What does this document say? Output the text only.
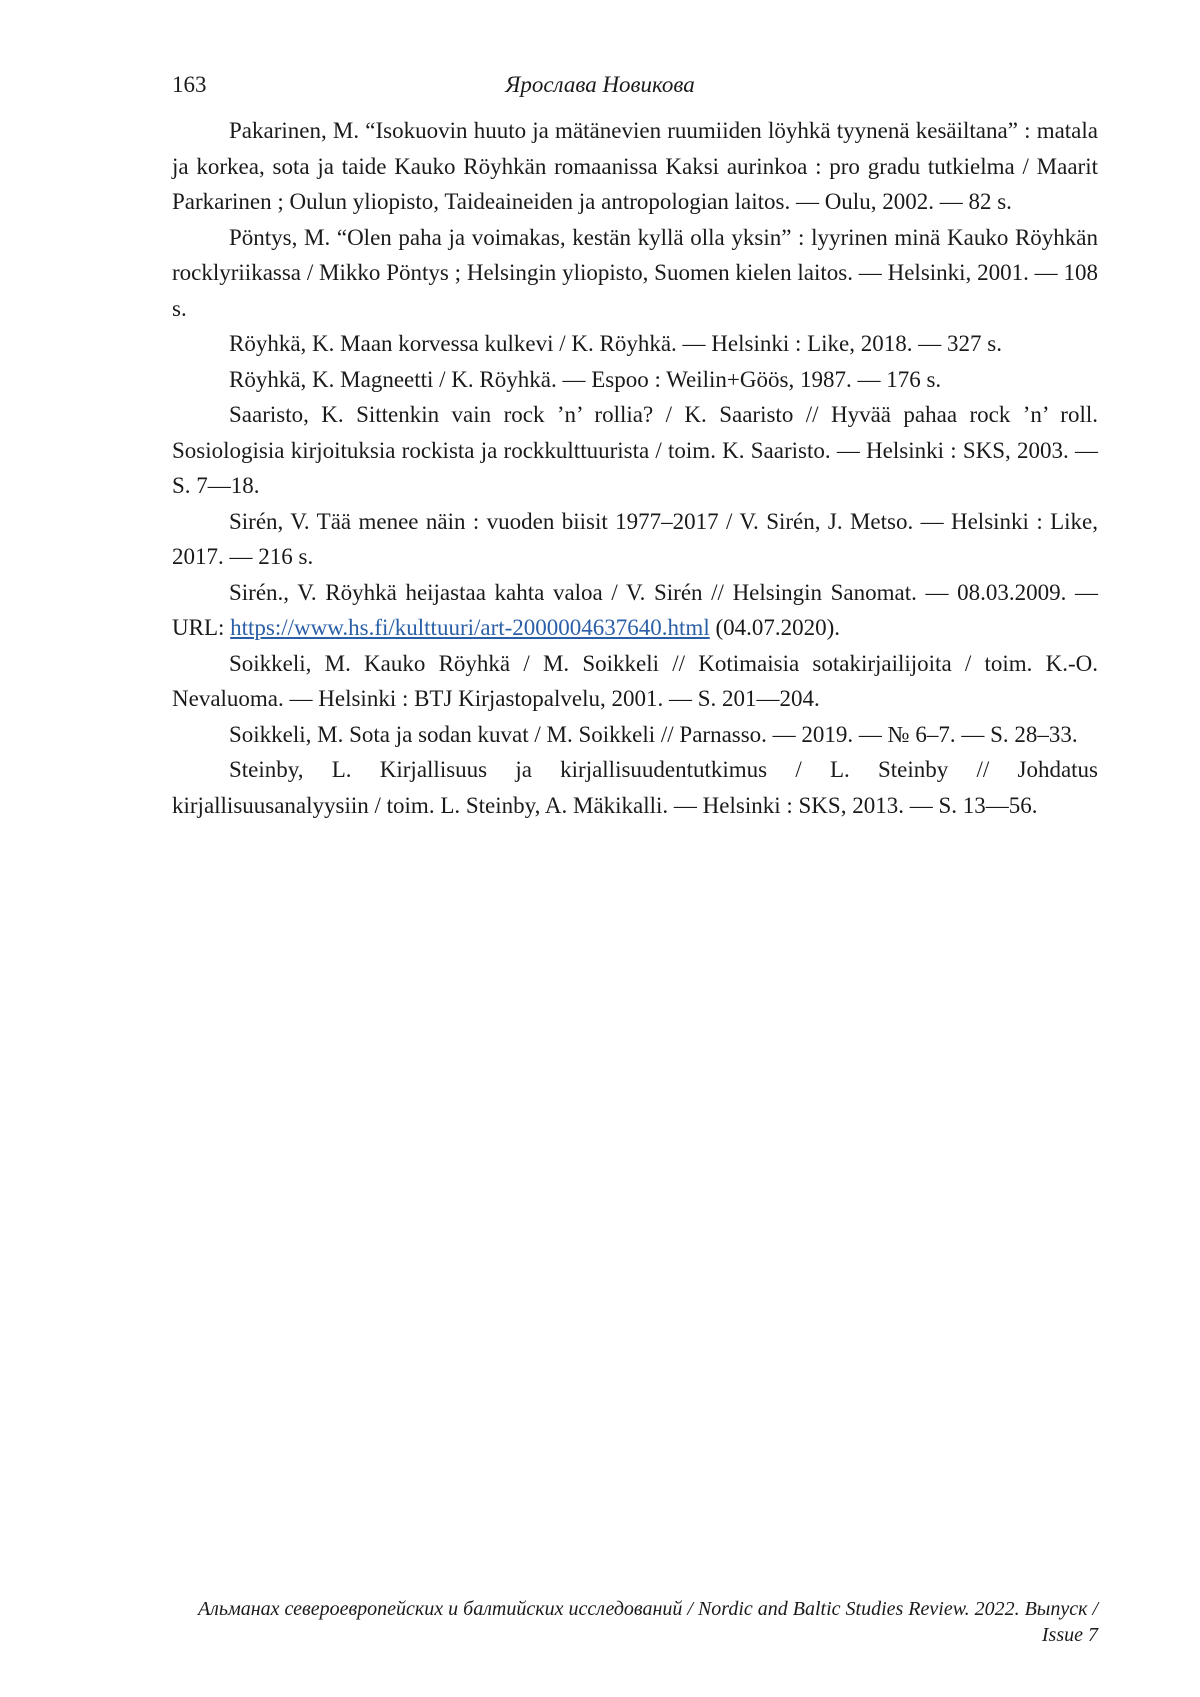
163	Ярослава Новикова

Pakarinen, M. “Isokuovin huuto ja mätänevien ruumiiden löyhkä tyynenä kesäiltana” : matala ja korkea, sota ja taide Kauko Röyhkän romaanissa Kaksi aurinkoa : pro gradu tutkielma / Maarit Parkarinen ; Oulun yliopisto, Taideaineiden ja antropologian laitos. — Oulu, 2002. — 82 s.

Pöntys, M. “Olen paha ja voimakas, kestän kyllä olla yksin” : lyyrinen minä Kauko Röyhkän rocklyriikassa / Mikko Pöntys ; Helsingin yliopisto, Suomen kielen laitos. — Helsinki, 2001. — 108 s.

Röyhkä, K. Maan korvessa kulkevi / K. Röyhkä. — Helsinki : Like, 2018. — 327 s.

Röyhkä, K. Magneetti / K. Röyhkä. — Espoo : Weilin+Göös, 1987. — 176 s.

Saaristo, K. Sittenkin vain rock ’n’ rollia? / K. Saaristo // Hyvää pahaa rock ’n’ roll. Sosiologisia kirjoituksia rockista ja rockkulttuurista / toim. K. Saaristo. — Helsinki : SKS, 2003. — S. 7—18.

Sirén, V. Tää menee näin : vuoden biisit 1977–2017 / V. Sirén, J. Metso. — Helsinki : Like, 2017. — 216 s.

Sirén., V. Röyhkä heijastaa kahta valoa / V. Sirén // Helsingin Sanomat. — 08.03.2009. — URL: https://www.hs.fi/kulttuuri/art-2000004637640.html (04.07.2020).

Soikkeli, M. Kauko Röyhkä / M. Soikkeli // Kotimaisia sotakirjailijoita / toim. K.-O. Nevaluoma. — Helsinki : BTJ Kirjastopalvelu, 2001. — S. 201—204.

Soikkeli, M. Sota ja sodan kuvat / M. Soikkeli // Parnasso. — 2019. — № 6–7. — S. 28–33.

Steinby, L. Kirjallisuus ja kirjallisuudentutkimus / L. Steinby // Johdatus kirjallisuusanalyysiin / toim. L. Steinby, A. Mäkikalli. — Helsinki : SKS, 2013. — S. 13—56.

Альманах североевропейских и балтийских исследований / Nordic and Baltic Studies Review. 2022. Выпуск / Issue 7
